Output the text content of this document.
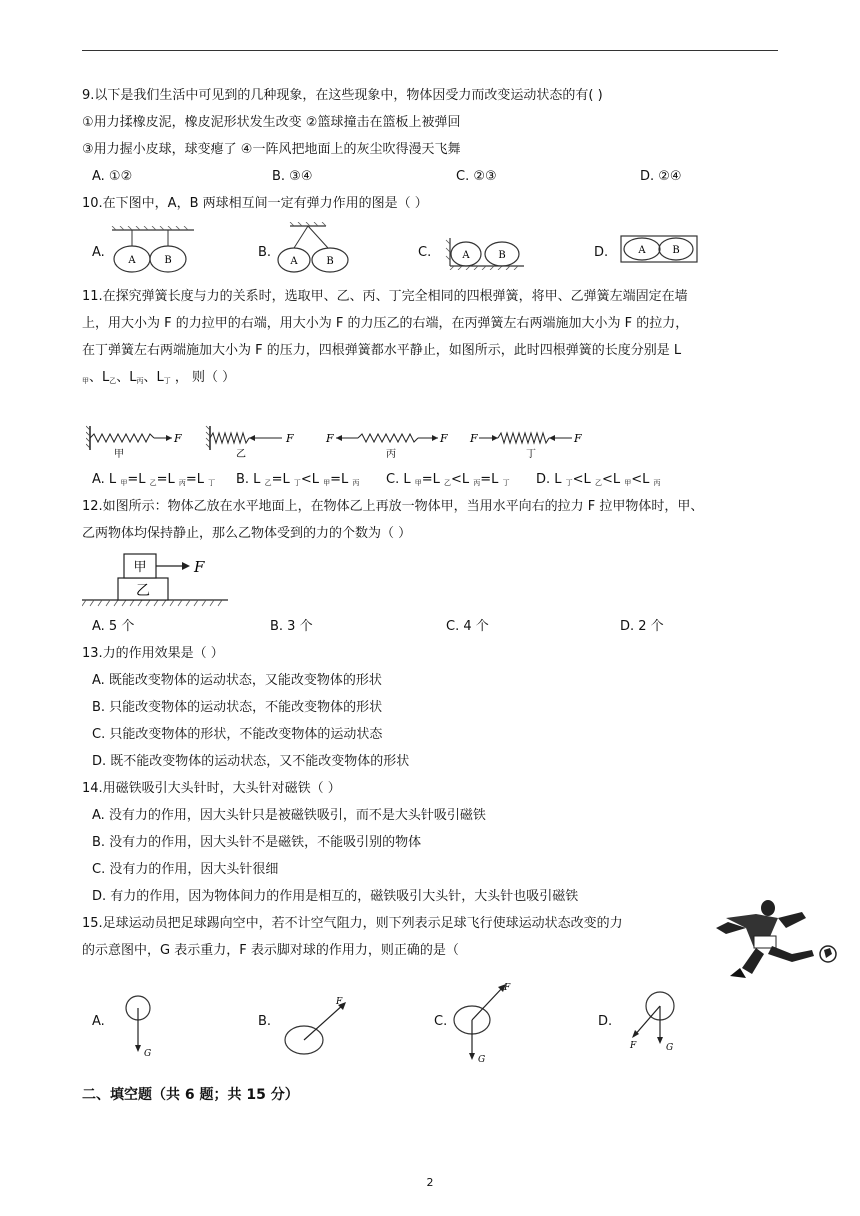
9.以下是我们生活中可见到的几种现象，在这些现象中，物体因受力而改变运动状态的有( )
①用力揉橡皮泥，橡皮泥形状发生改变 ②篮球撞击在篮板上被弹回
③用力握小皮球，球变瘪了 ④一阵风把地面上的灰尘吹得漫天飞舞
A. ①②	B. ③④	C. ②③	D. ②④
10.在下图中，A，B 两球相互间一定有弹力作用的图是（ ）
A.
A	B
B.
A	B
C.	A	B	D.	A	B
11.在探究弹簧长度与力的关系时，选取甲、乙、丙、丁完全相同的四根弹簧，将甲、乙弹簧左端固定在墙
上，用大小为 F 的力拉甲的右端，用大小为 F 的力压乙的右端，在丙弹簧左右两端施加大小为 F 的拉力，
在丁弹簧左右两端施加大小为 F 的压力，四根弹簧都水平静止，如图所示，此时四根弹簧的长度分别是 L
$_甲$、$L_乙$、$L_丙$、$L_丁$ ， 则（ ）
F
甲
F
乙
F	F
丙
F	F
丁
A. L $_甲$=L $_乙$=L $_丙$=L $_丁$ B. L $_乙$=L $_丁$<L $_甲$=L $_丙$ C. L $_甲$=L $_乙$<L $_丙$=L $_丁$ D. L $_丁$<L $_乙$<L $_甲$<L $_丙$
12.如图所示：物体乙放在水平地面上，在物体乙上再放一物体甲，当用水平向右的拉力 F 拉甲物体时，甲、
乙两物体均保持静止，那么乙物体受到的力的个数为（ ）
乙
甲	F
A. 5 个	B. 3 个	C. 4 个	D. 2 个
13.力的作用效果是（ ）
A. 既能改变物体的运动状态，又能改变物体的形状
B. 只能改变物体的运动状态，不能改变物体的形状
C. 只能改变物体的形状，不能改变物体的运动状态
D. 既不能改变物体的运动状态，又不能改变物体的形状
14.用磁铁吸引大头针时，大头针对磁铁（ ）
A. 没有力的作用，因大头针只是被磁铁吸引，而不是大头针吸引磁铁
B. 没有力的作用，因大头针不是磁铁，不能吸引别的物体
C. 没有力的作用，因大头针很细
D. 有力的作用，因为物体间力的作用是相互的，磁铁吸引大头针，大头针也吸引磁铁
15.足球运动员把足球踢向空中，若不计空气阻力，则下列表示足球飞行使球运动状态改变的力
的示意图中，G 表示重力，F 表示脚对球的作用力，则正确的是（
A.
G
B.
F
C.
F
G
D.
G
F
二、填空题（共 6 题；共 15 分）
2
